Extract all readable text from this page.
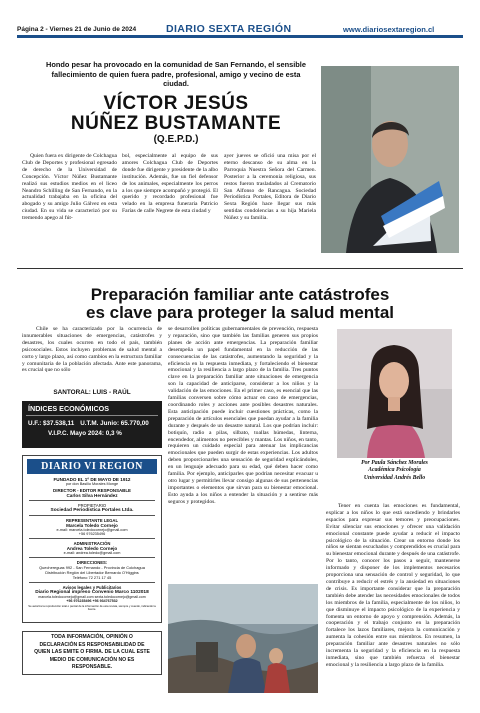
Página 2 - Viernes 21 de Junio de 2024	DIARIO SEXTA REGIÓN	www.diariosextaregion.cl
Hondo pesar ha provocado en la comunidad de San Fernando, el sensible fallecimiento de quien fuera padre, profesional, amigo y vecino de esta ciudad.
VÍCTOR JESÚS
NÚÑEZ BUSTAMANTE
(Q.E.P.D.)
Quien fuera ex dirigente de Colchagua Club de Deportes y profesional egresado de derecho de la Universidad de Concepción. Víctor Núñez Bustamante realizó sus estudios medios en el liceo Neandro Schilling de San Fernando, en la actualidad trabajaba en la oficina del abogado y su amigo Julio Gálvez en esta ciudad. En su vida se caracterizó por su tremendo apego al fút-
bol, especialmente al equipo de sus amores Colchagua Club de Deportes donde fue dirigente y presidente de la albo institución. Además, fue un fiel defensor de los animales, especialmente los perros a los que siempre acompañó y protegió. El querido y recordado profesional fue velado en la empresa funeraria Patricio Farías de calle Negrete de esta ciudad y
ayer jueves se ofició una misa por el eterno descanso de su alma en la Parroquia Nuestra Señora del Carmen. Posterior a la ceremonia religiosa, sus restos fueron trasladados al Crematorio San Alfonso de Rancagua. Sociedad Periodística Portales, Editora de Diario Sexta Región hace llegar sus más sentidas condolencias a su hija Mariela Núñez y su familia.
Preparación familiar ante catástrofes
es clave para proteger la salud mental
Chile se ha caracterizado por la ocurrencia de innumerables situaciones de emergencias, catástrofes y desastres, los cuales ocurren en todo el país, también psicosociales. Estos incluyen problemas de salud mental a corto y largo plazo, así como cambios en la estructura familiar y comunitaria de la población afectada. Ante este panorama, es crucial que no sólo
SANTORAL: LUIS - RAÚL
ÍNDICES ECONÓMICOS
U.F.: $37.538,11 U.T.M. Junio: 65.770,00
V.I.P.C. Mayo 2024: 0,3 %
DIARIO VI REGION
FUNDADO EL 1º DE MAYO DE 1912
por don Basilio Morales Monge
DIRECTOR - EDITOR RESPONSABLE
Carlos Silva Hernández
PROPIETARIO
Sociedad Periodística Portales Ltda.
REPRESENTANTE LEGAL
Marcela Toledo Cornejo
e-mail: marcela.toledocornejo@gmail.com
+56 976235496
ADMINISTRACIÓN
Andrea Toledo Cornejo
e-mail: andrea.toledo@gmail.com
DIRECCIONES:
Quechereguas 992 - San Fernando - Provincia de Colchagua
Distribución Región del Libertador Bernardo O'Higgins
Teléfono 72 271 17 45
Avisos legales y Publicitarios
Diario Regional impreso Convenio Marco 1102018
marcela.toledocornejo@gmail.com sexta.toledocornejo@gmail.com
+56 976235496 +56 934767532
Se autoriza la reproducción total o parcial de la información de esta revista, siempre y cuando, indicando la fuente.
TODA INFORMACIÓN, OPINIÓN O DECLARACIÓN ES RESPONSABILIDAD DE QUIEN LAS EMITE O FIRMA. DE LA CUAL ESTE MEDIO DE COMUNICACIÓN NO ES RESPONSABLE.
se desarrollen políticas gubernamentales de prevención, respuesta y reparación, sino que también las familias generen sus propios planes de acción ante emergencias. La preparación familiar desempeña un papel fundamental en la reducción de las consecuencias de las catástrofes, aumentando la seguridad y la eficiencia en la respuesta inmediata, y fortaleciendo el bienestar emocional y la resiliencia a largo plazo de la familia. Tres puntos clave en la preparación familiar ante situaciones de emergencia son la capacidad de anticiparse, considerar a los niños y la validación de las emociones. En el primer caso, es esencial que las familias conversen sobre cómo actuar en caso de emergencias, coordinando roles y acciones ante posibles desastres naturales. Esta anticipación puede incluir cuestiones prácticas, como la preparación de artículos esenciales que puedan ayudar a la familia durante y después de un desastre natural. Los que podrían incluir: botiquín, radio a pilas, silbato, toallas húmedas, linterna, encendedor, alimentos no perecibles y mantas. Los niños, en tanto, requieren un cuidado especial para atenuar las implicancias emocionales que pueden surgir de estas experiencias. Los adultos deben proporcionarles una sensación de seguridad explicándoles, en un lenguaje adecuado para su edad, qué deben hacer como familia. Por ejemplo, anticiparles que podrían necesitar evacuar u otro lugar y permitirles llevar consigo algunas de sus pertenencias importantes o elementos que sirvan para su bienestar emocional. Esto ayuda a los niños a entender la situación y a sentirse más seguros y protegidos.
Por Paula Sánchez Morales
Académica Psicología
Universidad Andrés Bello
Tener en cuenta las emociones es fundamental, explicar a los niños lo que está sucediendo y brindarles espacios para expresar sus temores y preocupaciones. Evitar silenciar sus emociones y ofrecer una validación emocional constante puede ayudar a reducir el impacto psicológico de la situación. Crear un entorno donde los niños se sientan escuchados y comprendidos es crucial para su bienestar emocional durante y después de una catástrofe. Por lo tanto, conocer los pasos a seguir, mantenerse informado y disponer de los implementos necesarios proporciona una sensación de control y seguridad, lo que contribuye a reducir el estrés y la ansiedad en situaciones de crisis. Es importante considerar que la preparación también debe atender las necesidades emocionales de todos los miembros de la familia, especialmente de los niños, lo que disminuye el impacto psicológico de la experiencia y fomenta un entorno de apoyo y comprensión. Además, la cooperación y el trabajo conjunto en la preparación fortalece los lazos familiares, mejora la comunicación y aumenta la cohesión entre sus miembros. En resumen, la preparación familiar ante desastres naturales no sólo incrementa la seguridad y la eficiencia en la respuesta inmediata, sino que también refuerza el bienestar emocional y la resiliencia a largo plazo de la familia.
